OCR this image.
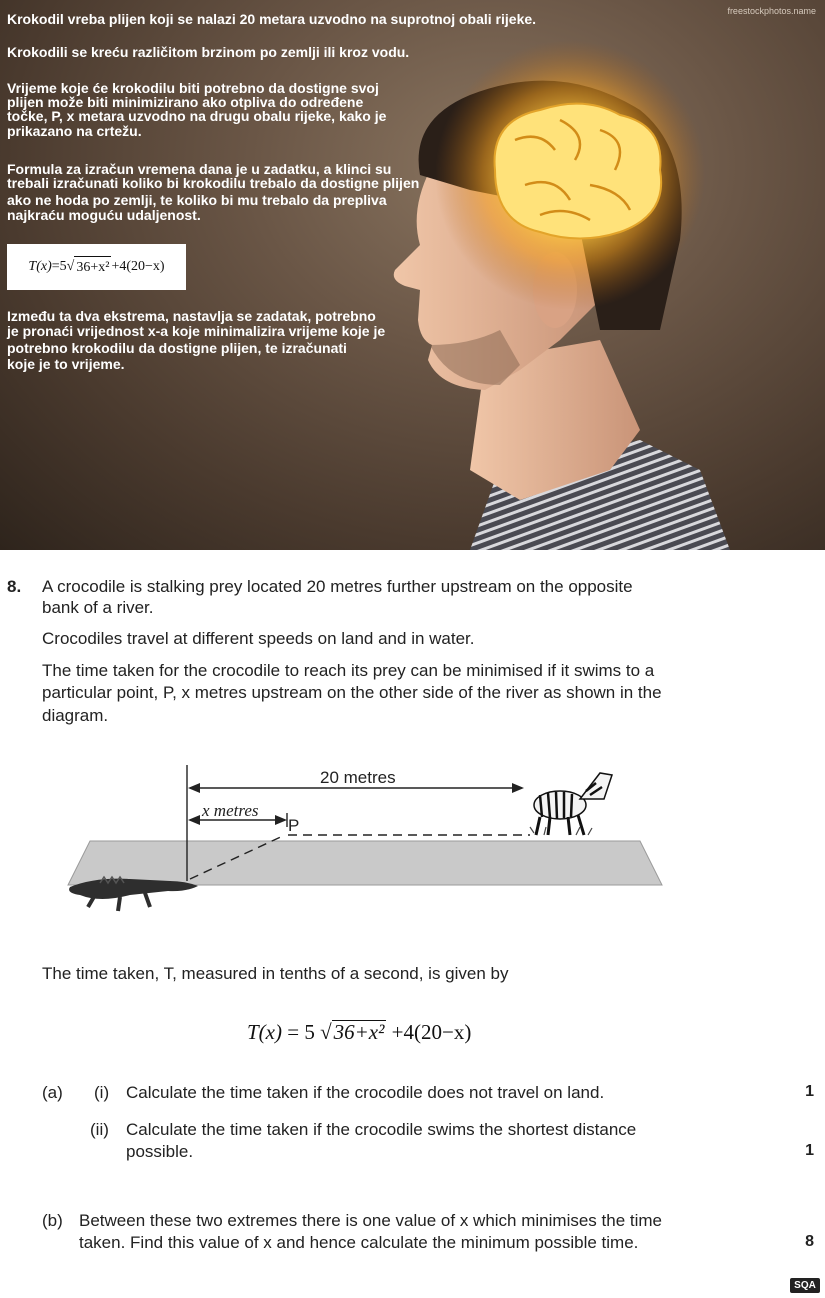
freestockphotos.name

Krokodil vreba plijen koji se nalazi 20 metara uzvodno na suprotnoj obali rijeke.

Krokodili se kreću različitom brzinom po zemlji ili kroz vodu.

Vrijeme koje će krokodilu biti potrebno da dostigne svoj

plijen može biti minimizirano ako otpliva do određene

točke, P, x metara uzvodno na drugu obalu rijeke, kako je

prikazano na crtežu.

Formula za izračun vremena dana je u zadatku, a klinci su

trebali izračunati koliko bi krokodilu trebalo da dostigne plijen

ako ne hoda po zemlji, te koliko bi mu trebalo da prepliva

najkraću moguću udaljenost.

T(x) = 5 √ 36+x² +4(20−x)

Između ta dva ekstrema, nastavlja se zadatak, potrebno

je pronaći vrijednost x-a koje minimalizira vrijeme koje je

potrebno krokodilu da dostigne plijen, te izračunati

koje je to vrijeme.

8. A crocodile is stalking prey located 20 metres further upstream on the opposite

bank of a river.

Crocodiles travel at different speeds on land and in water.

The time taken for the crocodile to reach its prey can be minimised if it swims to a

particular point, P, x metres upstream on the other side of the river as shown in the

diagram.

20 metres
x metres
P

The time taken, T, measured in tenths of a second, is given by

T(x) = 5 √36+x² +4(20−x)

(a) (i) Calculate the time taken if the crocodile does not travel on land.	1

(ii) Calculate the time taken if the crocodile swims the shortest distance

possible.	1

(b) Between these two extremes there is one value of x which minimises the time

taken. Find this value of x and hence calculate the minimum possible time.	8
SQA
